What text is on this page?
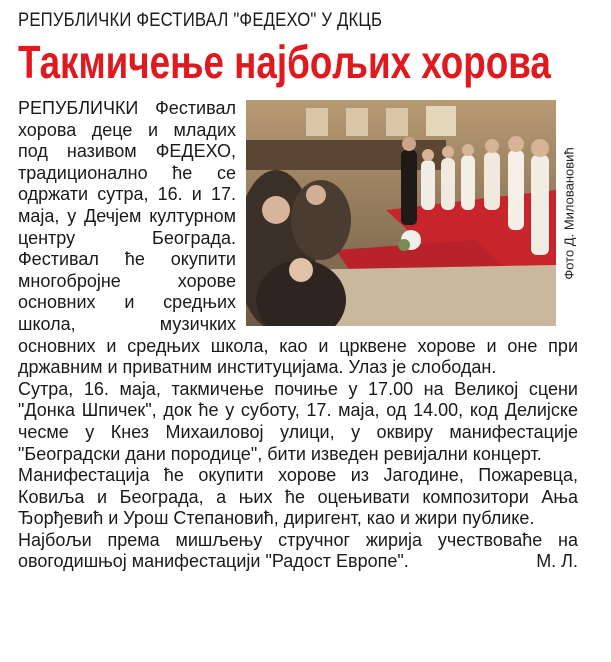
РЕПУБЛИЧКИ ФЕСТИВАЛ "ФЕДЕХО" У ДКЦБ
Такмичење најбољих хорова
Фото Д. Миловановић

РЕПУБЛИЧКИ Фестивал хорова деце и младих под називом ФЕДЕХО, традиционално ће се одржати сутра, 16. и 17. маја, у Дечјем културном центру Београда. Фестивал ће окупити многобројне хорове основних и средњих школа, музичких основних и средњих школа, као и црквене хорове и оне при државним и приватним институцијама. Улаз је слободан.

Сутра, 16. маја, такмичење почиње у 17.00 на Великој сцени "Донка Шпичек", док ће у суботу, 17. маја, од 14.00, код Делијске чесме у Кнез Михаиловој улици, у оквиру манифестације "Београдски дани породице", бити изведен ревијални концерт.

Манифестација ће окупити хорове из Јагодине, Пожаревца, Ковиља и Београда, а њих ће оцењивати композитори Ања Ђорђевић и Урош Степановић, диригент, као и жири публике.

Најбољи према мишљењу стручног жирија учествоваће на овогодишњој манифестацији "Радост Европе".	М. Л.
